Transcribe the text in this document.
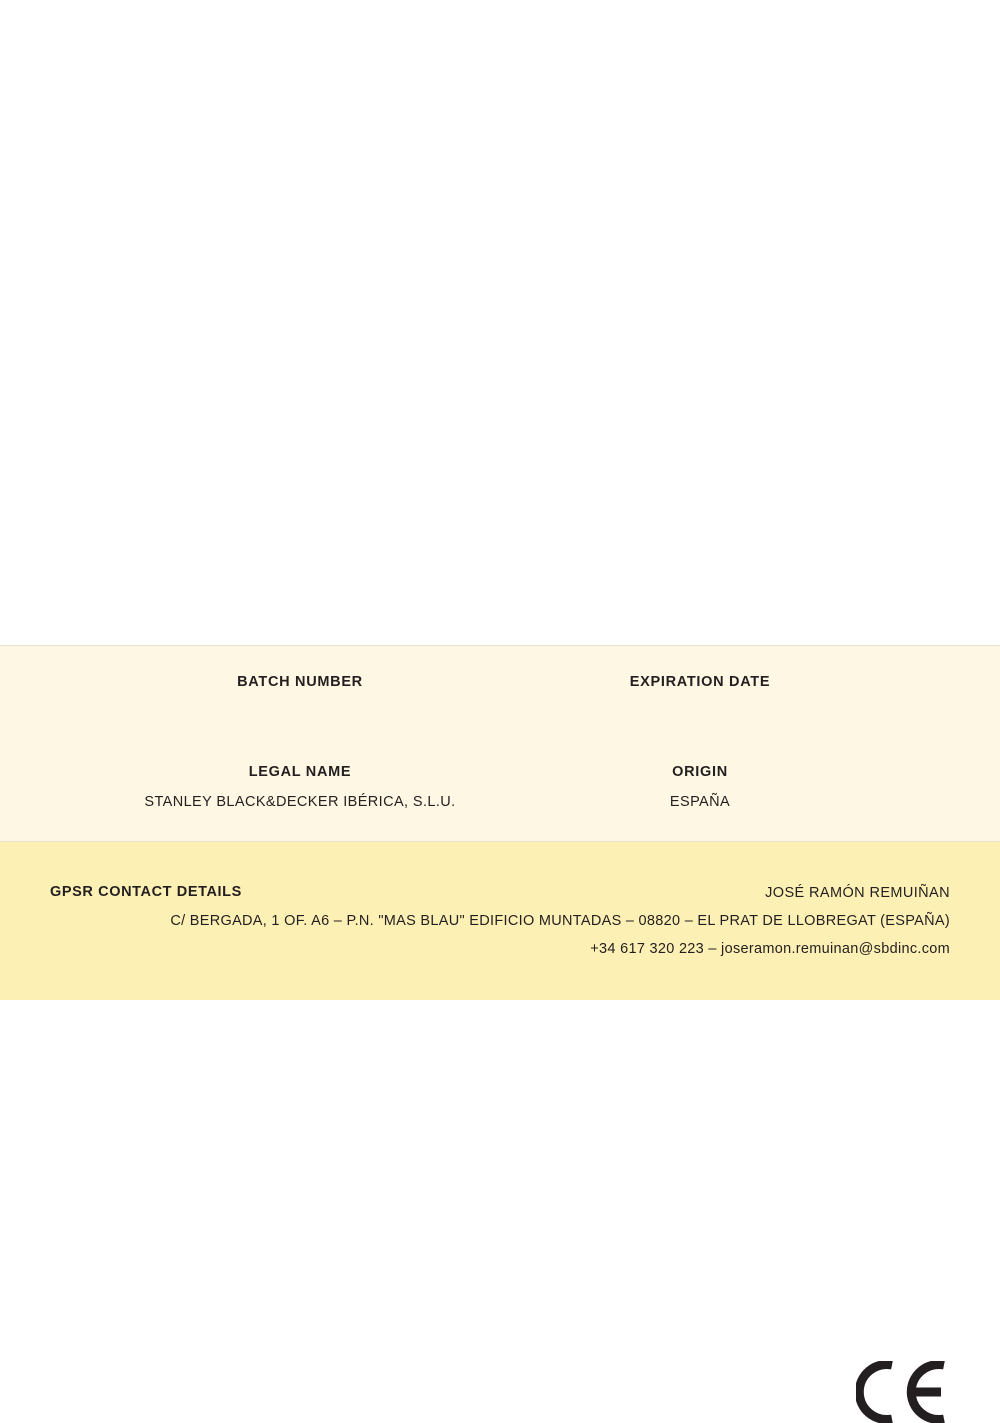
BATCH NUMBER	EXPIRATION DATE
LEGAL NAME
STANLEY BLACK&DECKER IBÉRICA, S.L.U.
ORIGIN
ESPAÑA
GPSR CONTACT DETAILS	JOSÉ RAMÓN REMUIÑAN
C/ BERGADA, 1 OF. A6 – P.N. "MAS BLAU" EDIFICIO MUNTADAS – 08820 – EL PRAT DE LLOBREGAT (ESPAÑA)
+34 617 320 223 – joseramon.remuinan@sbdinc.com
